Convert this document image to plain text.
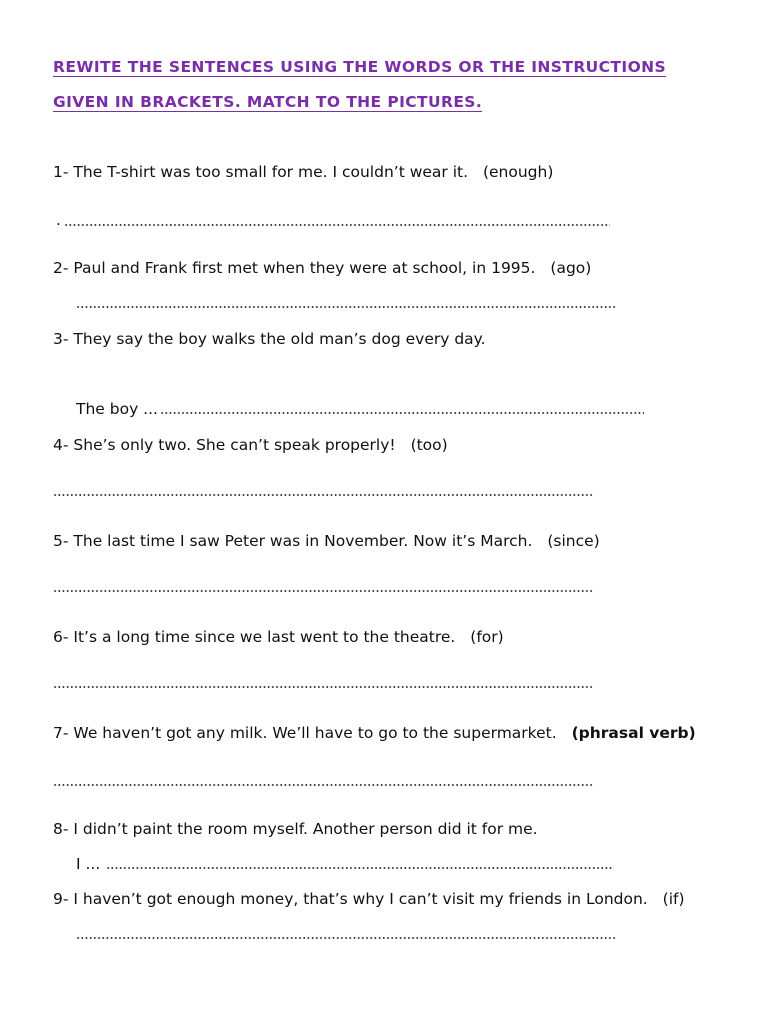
REWITE THE SENTENCES USING THE WORDS OR THE INSTRUCTIONS
GIVEN IN BRACKETS. MATCH TO THE PICTURES.
1- The T-shirt was too small for me. I couldn’t wear it. (enough)
.
2- Paul and Frank first met when they were at school, in 1995. (ago)
3- They say the boy walks the old man’s dog every day.
The boy ...
4- She’s only two. She can’t speak properly! (too)
5- The last time I saw Peter was in November. Now it’s March. (since)
6- It’s a long time since we last went to the theatre. (for)
7- We haven’t got any milk. We’ll have to go to the supermarket. (phrasal verb)
8- I didn’t paint the room myself. Another person did it for me.
I ...
9- I haven’t got enough money, that’s why I can’t visit my friends in London. (if)
